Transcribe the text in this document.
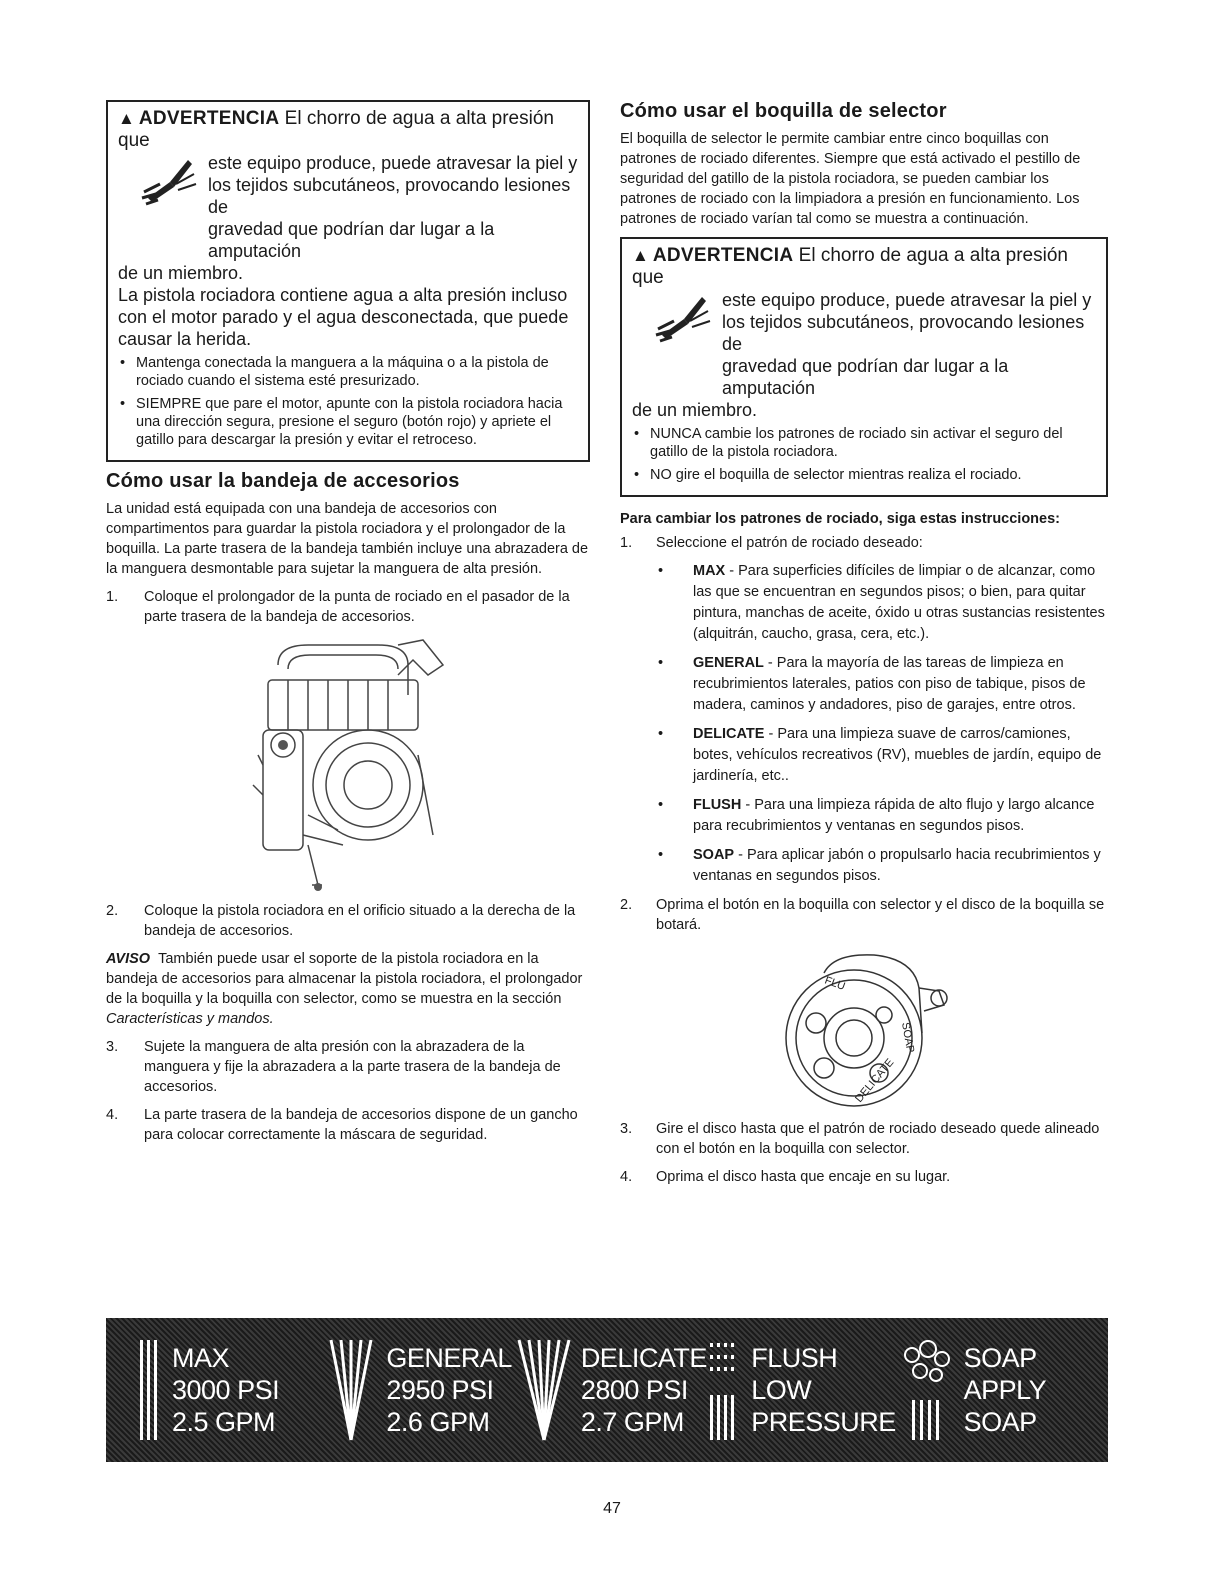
▲ ADVERTENCIA El chorro de agua a alta presión que
este equipo produce, puede atravesar la piel y
los tejidos subcutáneos, provocando lesiones de
gravedad que podrían dar lugar a la amputación
de un miembro.
La pistola rociadora contiene agua a alta presión incluso con el motor parado y el agua desconectada, que puede causar la herida.
• Mantenga conectada la manguera a la máquina o a la pistola de rociado cuando el sistema esté presurizado.
• SIEMPRE que pare el motor, apunte con la pistola rociadora hacia una dirección segura, presione el seguro (botón rojo) y apriete el gatillo para descargar la presión y evitar el retroceso.
Cómo usar la bandeja de accesorios

La unidad está equipada con una bandeja de accesorios con compartimentos para guardar la pistola rociadora y el prolongador de la boquilla. La parte trasera de la bandeja también incluye una abrazadera de la manguera desmontable para sujetar la manguera de alta presión.

1. Coloque el prolongador de la punta de rociado en el pasador de la parte trasera de la bandeja de accesorios.
2. Coloque la pistola rociadora en el orificio situado a la derecha de la bandeja de accesorios.

AVISO También puede usar el soporte de la pistola rociadora en la bandeja de accesorios para almacenar la pistola rociadora, el prolongador de la boquilla y la boquilla con selector, como se muestra en la sección Características y mandos.

3. Sujete la manguera de alta presión con la abrazadera de la manguera y fije la abrazadera a la parte trasera de la bandeja de accesorios.
4. La parte trasera de la bandeja de accesorios dispone de un gancho para colocar correctamente la máscara de seguridad.
Cómo usar el boquilla de selector

El boquilla de selector le permite cambiar entre cinco boquillas con patrones de rociado diferentes. Siempre que está activado el pestillo de seguridad del gatillo de la pistola rociadora, se pueden cambiar los patrones de rociado con la limpiadora a presión en funcionamiento. Los patrones de rociado varían tal como se muestra a continuación.

▲ ADVERTENCIA El chorro de agua a alta presión que
este equipo produce, puede atravesar la piel y
los tejidos subcutáneos, provocando lesiones de
gravedad que podrían dar lugar a la amputación
de un miembro.
• NUNCA cambie los patrones de rociado sin activar el seguro del gatillo de la pistola rociadora.
• NO gire el boquilla de selector mientras realiza el rociado.
Para cambiar los patrones de rociado, siga estas instrucciones:
1. Seleccione el patrón de rociado deseado:
• MAX - Para superficies difíciles de limpiar o de alcanzar, como las que se encuentran en segundos pisos; o bien, para quitar pintura, manchas de aceite, óxido u otras sustancias resistentes (alquitrán, caucho, grasa, cera, etc.).
• GENERAL - Para la mayoría de las tareas de limpieza en recubrimientos laterales, patios con piso de tabique, pisos de madera, caminos y andadores, piso de garajes, entre otros.
• DELICATE - Para una limpieza suave de carros/camiones, botes, vehículos recreativos (RV), muebles de jardín, equipo de jardinería, etc..
• FLUSH - Para una limpieza rápida de alto flujo y largo alcance para recubrimientos y ventanas en segundos pisos.
• SOAP - Para aplicar jabón o propulsarlo hacia recubrimientos y ventanas en segundos pisos.
2. Oprima el botón en la boquilla con selector y el disco de la boquilla se botará.
SOAP
DELICATE
FLU
3. Gire el disco hasta que el patrón de rociado deseado quede alineado con el botón en la boquilla con selector.
4. Oprima el disco hasta que encaje en su lugar.
MAX
3000 PSI
2.5 GPM
GENERAL
2950 PSI
2.6 GPM
DELICATE
2800 PSI
2.7 GPM
FLUSH
LOW
PRESSURE
SOAP
APPLY
SOAP
47
